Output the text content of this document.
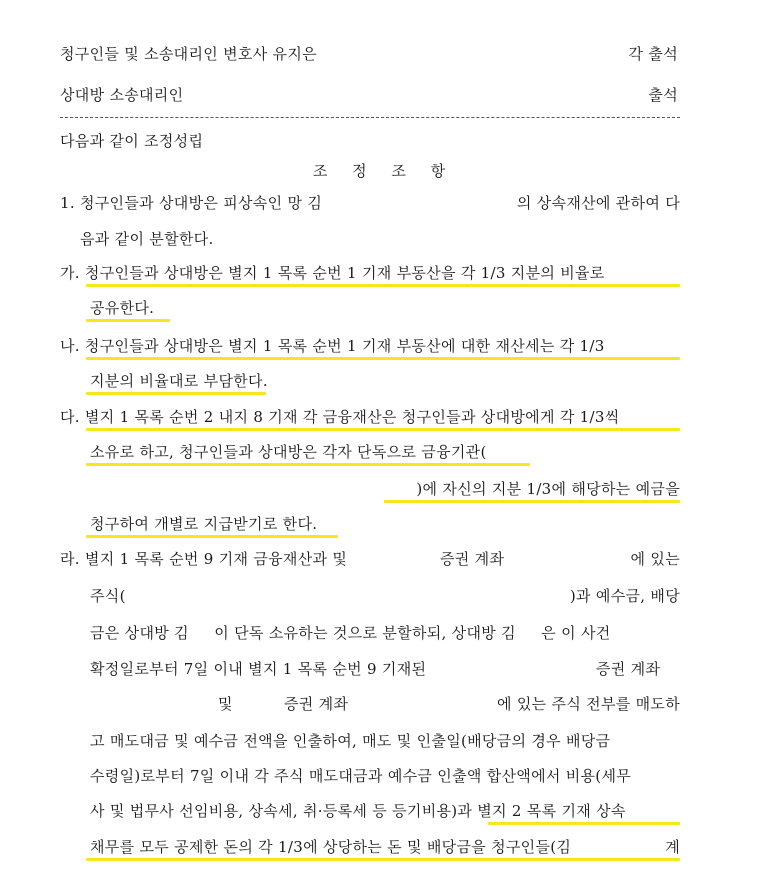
청구인들 및 소송대리인 변호사 유지은	각 출석
상대방 소송대리인	출석
다음과 같이 조정성립
조 정 조 항
1. 청구인들과 상대방은 피상속인 망 김	의 상속재산에 관하여 다
음과 같이 분할한다.
가. 청구인들과 상대방은 별지 1 목록 순번 1 기재 부동산을 각 1/3 지분의 비율로
공유한다.
나. 청구인들과 상대방은 별지 1 목록 순번 1 기재 부동산에 대한 재산세는 각 1/3
지분의 비율대로 부담한다.
다. 별지 1 목록 순번 2 내지 8 기재 각 금융재산은 청구인들과 상대방에게 각 1/3씩
소유로 하고, 청구인들과 상대방은 각자 단독으로 금융기관(
)에 자신의 지분 1/3에 해당하는 예금을
청구하여 개별로 지급받기로 한다.
라. 별지 1 목록 순번 9 기재 금융재산과 및	증권 계좌	에 있는
주식(	)과 예수금, 배당
금은 상대방 김     이 단독 소유하는 것으로 분할하되, 상대방 김     은 이 사건
확정일로부터 7일 이내 별지 1 목록 순번 9 기재된	증권 계좌
및	증권 계좌	에 있는 주식 전부를 매도하
고 매도대금 및 예수금 전액을 인출하여, 매도 및 인출일(배당금의 경우 배당금
수령일)로부터 7일 이내 각 주식 매도대금과 예수금 인출액 합산액에서 비용(세무
사 및 법무사 선임비용, 상속세, 취·등록세 등 등기비용)과 별지 2 목록 기재 상속
채무를 모두 공제한 돈의 각 1/3에 상당하는 돈 및 배당금을 청구인들(김	계
